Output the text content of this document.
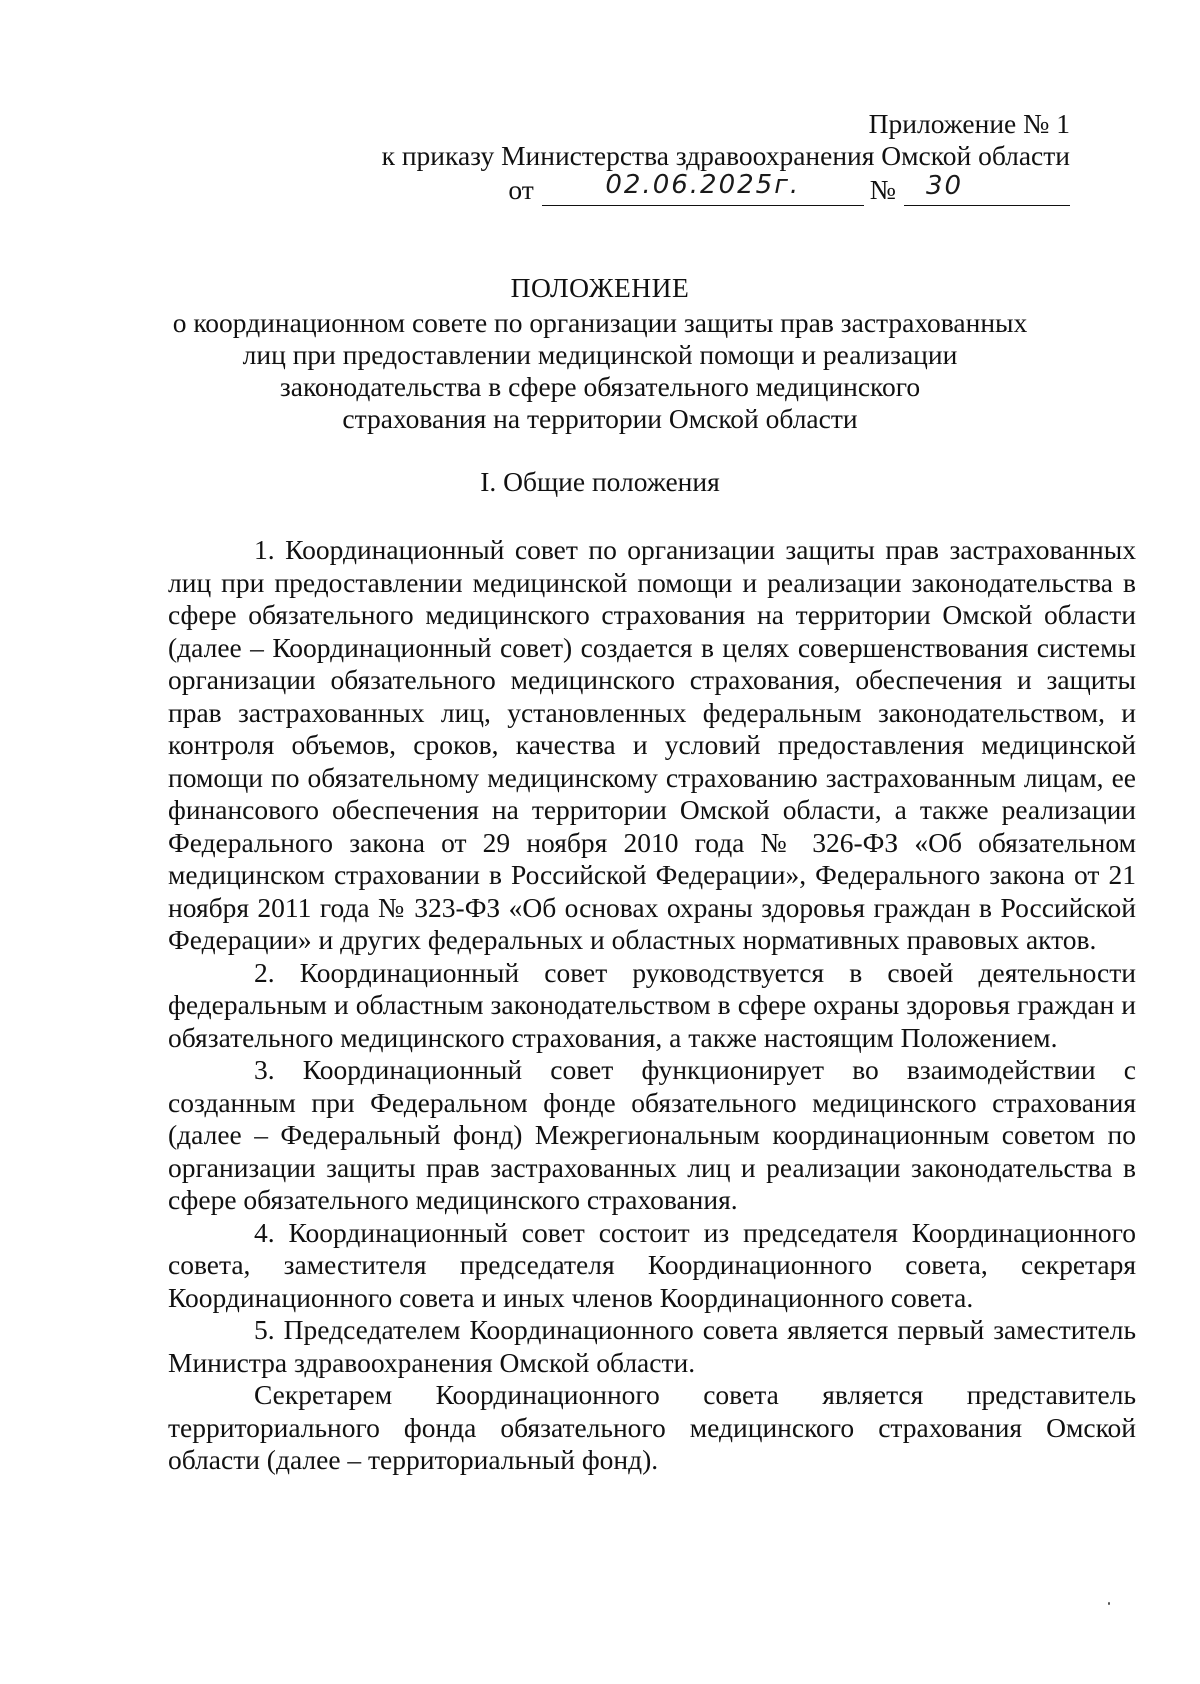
Приложение № 1
к приказу Министерства здравоохранения Омской области
от	02.06.2025г.	№	30
ПОЛОЖЕНИЕ
о координационном совете по организации защиты прав застрахованных
лиц при предоставлении медицинской помощи и реализации
законодательства в сфере обязательного медицинского
страхования на территории Омской области
I. Общие положения

1. Координационный совет по организации защиты прав застрахованных лиц при предоставлении медицинской помощи и реализации законодательства в сфере обязательного медицинского страхования на территории Омской области (далее – Координационный совет) создается в целях совершенствования системы организации обязательного медицинского страхования, обеспечения и защиты прав застрахованных лиц, установленных федеральным законодательством, и контроля объемов, сроков, качества и условий предоставления медицинской помощи по обязательному медицинскому страхованию застрахованным лицам, ее финансового обеспечения на территории Омской области, а также реализации Федерального закона от 29 ноября 2010 года № 326-ФЗ «Об обязательном медицинском страховании в Российской Федерации», Федерального закона от 21 ноября 2011 года № 323-ФЗ «Об основах охраны здоровья граждан в Российской Федерации» и других федеральных и областных нормативных правовых актов.

2. Координационный совет руководствуется в своей деятельности федеральным и областным законодательством в сфере охраны здоровья граждан и обязательного медицинского страхования, а также настоящим Положением.

3. Координационный совет функционирует во взаимодействии с созданным при Федеральном фонде обязательного медицинского страхования (далее – Федеральный фонд) Межрегиональным координационным советом по организации защиты прав застрахованных лиц и реализации законодательства в сфере обязательного медицинского страхования.

4. Координационный совет состоит из председателя Координационного совета, заместителя председателя Координационного совета, секретаря Координационного совета и иных членов Координационного совета.

5. Председателем Координационного совета является первый заместитель Министра здравоохранения Омской области.

Секретарем Координационного совета является представитель территориального фонда обязательного медицинского страхования Омской области (далее – территориальный фонд).
